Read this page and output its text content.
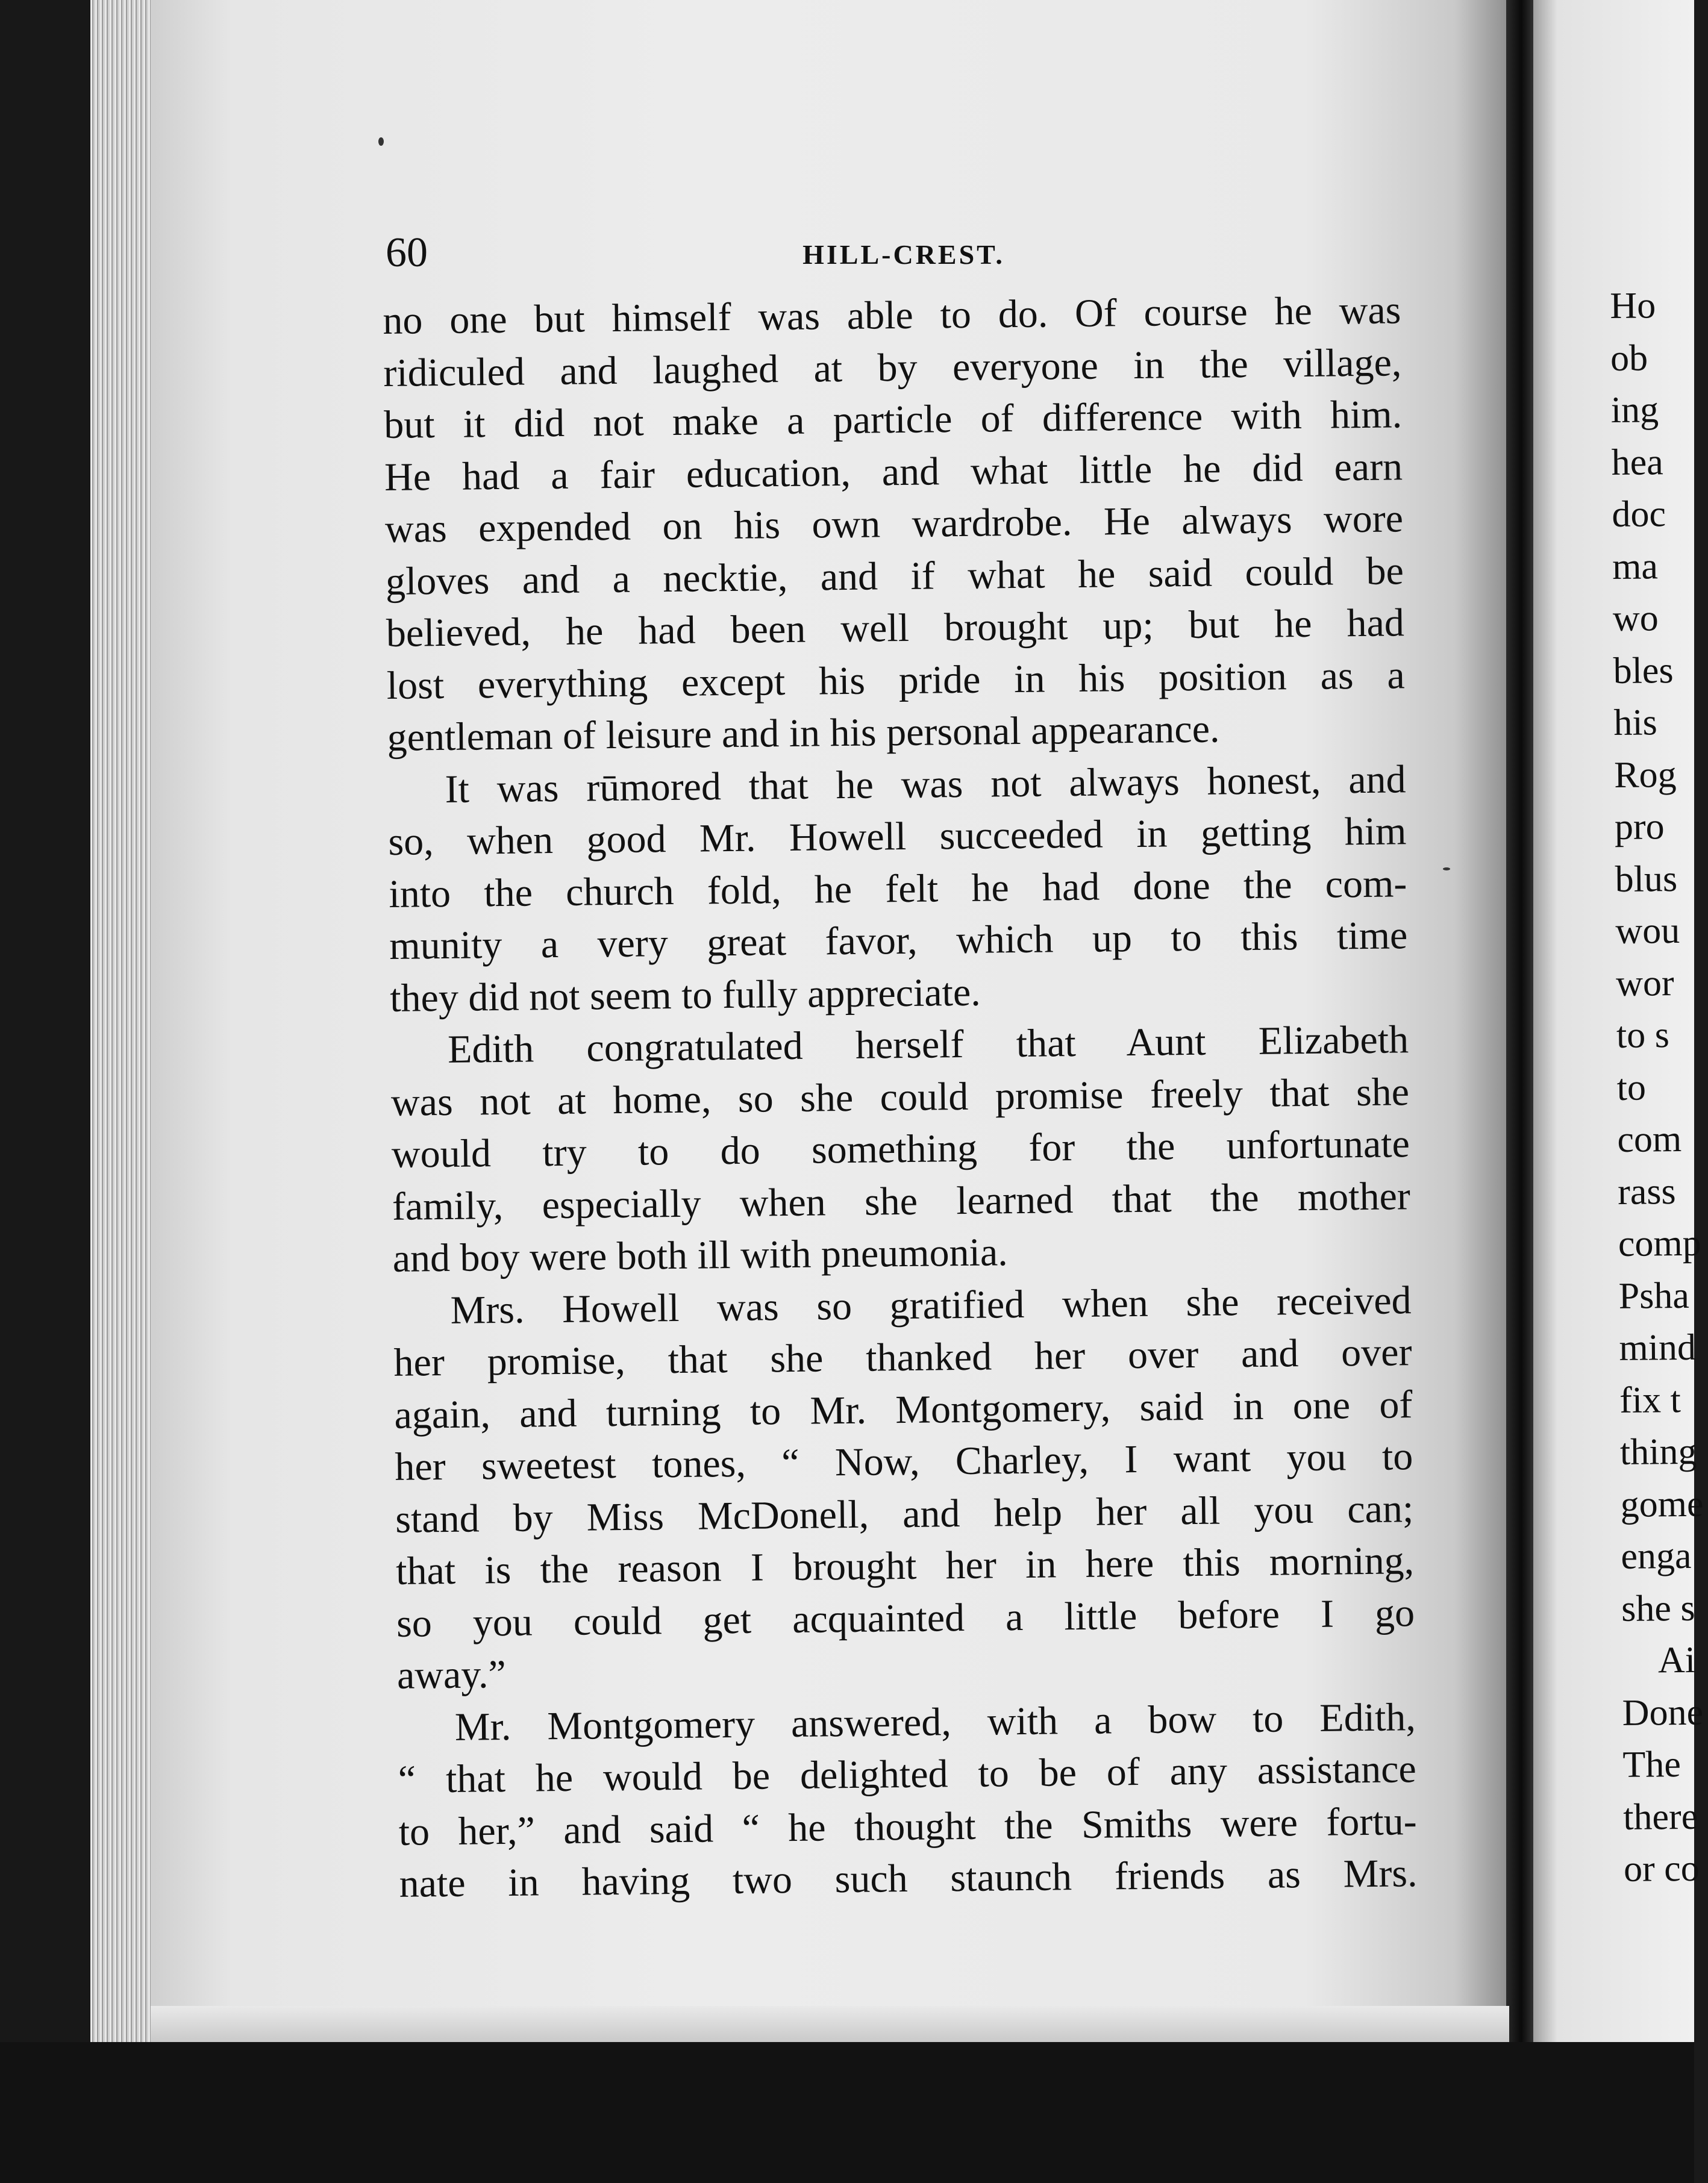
60	HILL-CREST.
no one but himself was able to do. Of course he was
ridiculed and laughed at by everyone in the village,
but it did not make a particle of difference with him.
He had a fair education, and what little he did earn
was expended on his own wardrobe. He always wore
gloves and a necktie, and if what he said could be
believed, he had been well brought up; but he had
lost everything except his pride in his position as a
gentleman of leisure and in his personal appearance.
It was rūmored that he was not always honest, and
so, when good Mr. Howell succeeded in getting him
into the church fold, he felt he had done the com-
munity a very great favor, which up to this time
they did not seem to fully appreciate.
Edith congratulated herself that Aunt Elizabeth
was not at home, so she could promise freely that she
would try to do something for the unfortunate
family, especially when she learned that the mother
and boy were both ill with pneumonia.
Mrs. Howell was so gratified when she received
her promise, that she thanked her over and over
again, and turning to Mr. Montgomery, said in one of
her sweetest tones, “ Now, Charley, I want you to
stand by Miss McDonell, and help her all you can;
that is the reason I brought her in here this morning,
so you could get acquainted a little before I go
away.”
Mr. Montgomery answered, with a bow to Edith,
“ that he would be delighted to be of any assistance
to her,” and said “ he thought the Smiths were fortu-
nate in having two such staunch friends as Mrs.
Ho
ob
ing
hea
doc
ma
wo
bles
his
Rog
pro
blus
wou
wor
to s
to
com
rass
comp
Psha
mind
fix t
thing
gome
enga
she s
Ai
Done
The
there
or co
